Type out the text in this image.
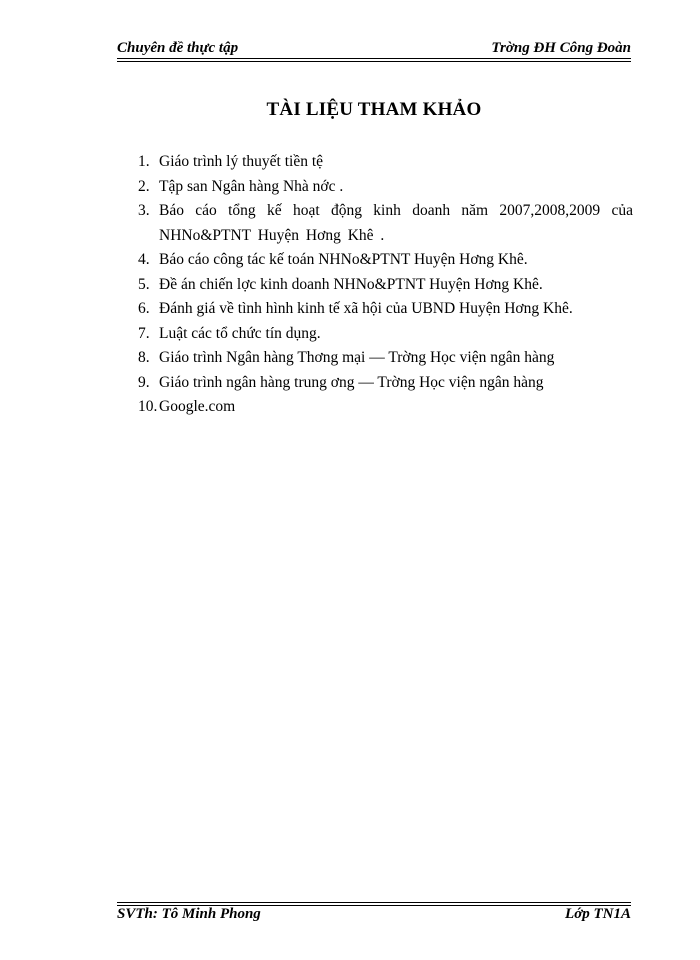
Chuyên đề thực tập	Trờng ĐH Công Đoàn
TÀI LIỆU THAM KHẢO
1. Giáo trình lý thuyết tiền tệ
2. Tập san Ngân hàng Nhà nớc .
3. Báo cáo tổng kế hoạt động kinh doanh năm 2007,2008,2009 của NHNo&PTNT Huyện Hơng Khê .
4. Báo cáo công tác kế toán NHNo&PTNT Huyện Hơng Khê.
5. Đề án chiến lợc kinh doanh NHNo&PTNT Huyện Hơng Khê.
6. Đánh giá về tình hình kinh tế xã hội của UBND Huyện Hơng Khê.
7. Luật các tổ chức tín dụng.
8. Giáo trình Ngân hàng Thơng mại — Trờng Học viện ngân hàng
9. Giáo trình ngân hàng trung ơng — Trờng Học viện ngân hàng
10. Google.com
SVTh: Tô Minh Phong	Lớp TN1A
